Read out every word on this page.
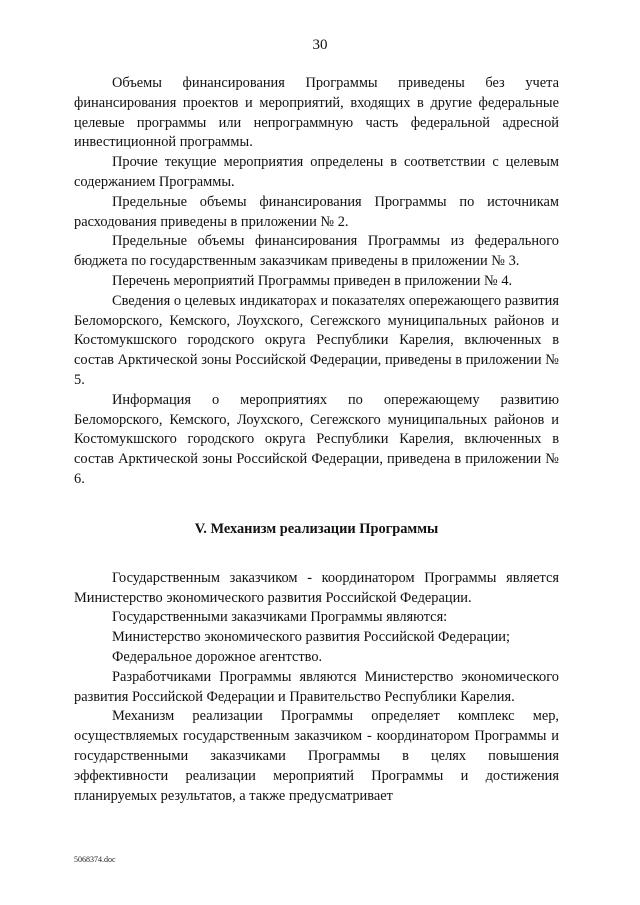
30

Объемы финансирования Программы приведены без учета финансирования проектов и мероприятий, входящих в другие федеральные целевые программы или непрограммную часть федеральной адресной инвестиционной программы.

Прочие текущие мероприятия определены в соответствии с целевым содержанием Программы.

Предельные объемы финансирования Программы по источникам расходования приведены в приложении № 2.

Предельные объемы финансирования Программы из федерального бюджета по государственным заказчикам приведены в приложении № 3.

Перечень мероприятий Программы приведен в приложении № 4.

Сведения о целевых индикаторах и показателях опережающего развития Беломорского, Кемского, Лоухского, Сегежского муниципальных районов и Костомукшского городского округа Республики Карелия, включенных в состав Арктической зоны Российской Федерации, приведены в приложении № 5.

Информация о мероприятиях по опережающему развитию Беломорского, Кемского, Лоухского, Сегежского муниципальных районов и Костомукшского городского округа Республики Карелия, включенных в состав Арктической зоны Российской Федерации, приведена в приложении № 6.

V. Механизм реализации Программы

Государственным заказчиком - координатором Программы является Министерство экономического развития Российской Федерации.

Государственными заказчиками Программы являются:

Министерство экономического развития Российской Федерации;

Федеральное дорожное агентство.

Разработчиками Программы являются Министерство экономического развития Российской Федерации и Правительство Республики Карелия.

Механизм реализации Программы определяет комплекс мер, осуществляемых государственным заказчиком - координатором Программы и государственными заказчиками Программы в целях повышения эффективности реализации мероприятий Программы и достижения планируемых результатов, а также предусматривает

5068374.doc
